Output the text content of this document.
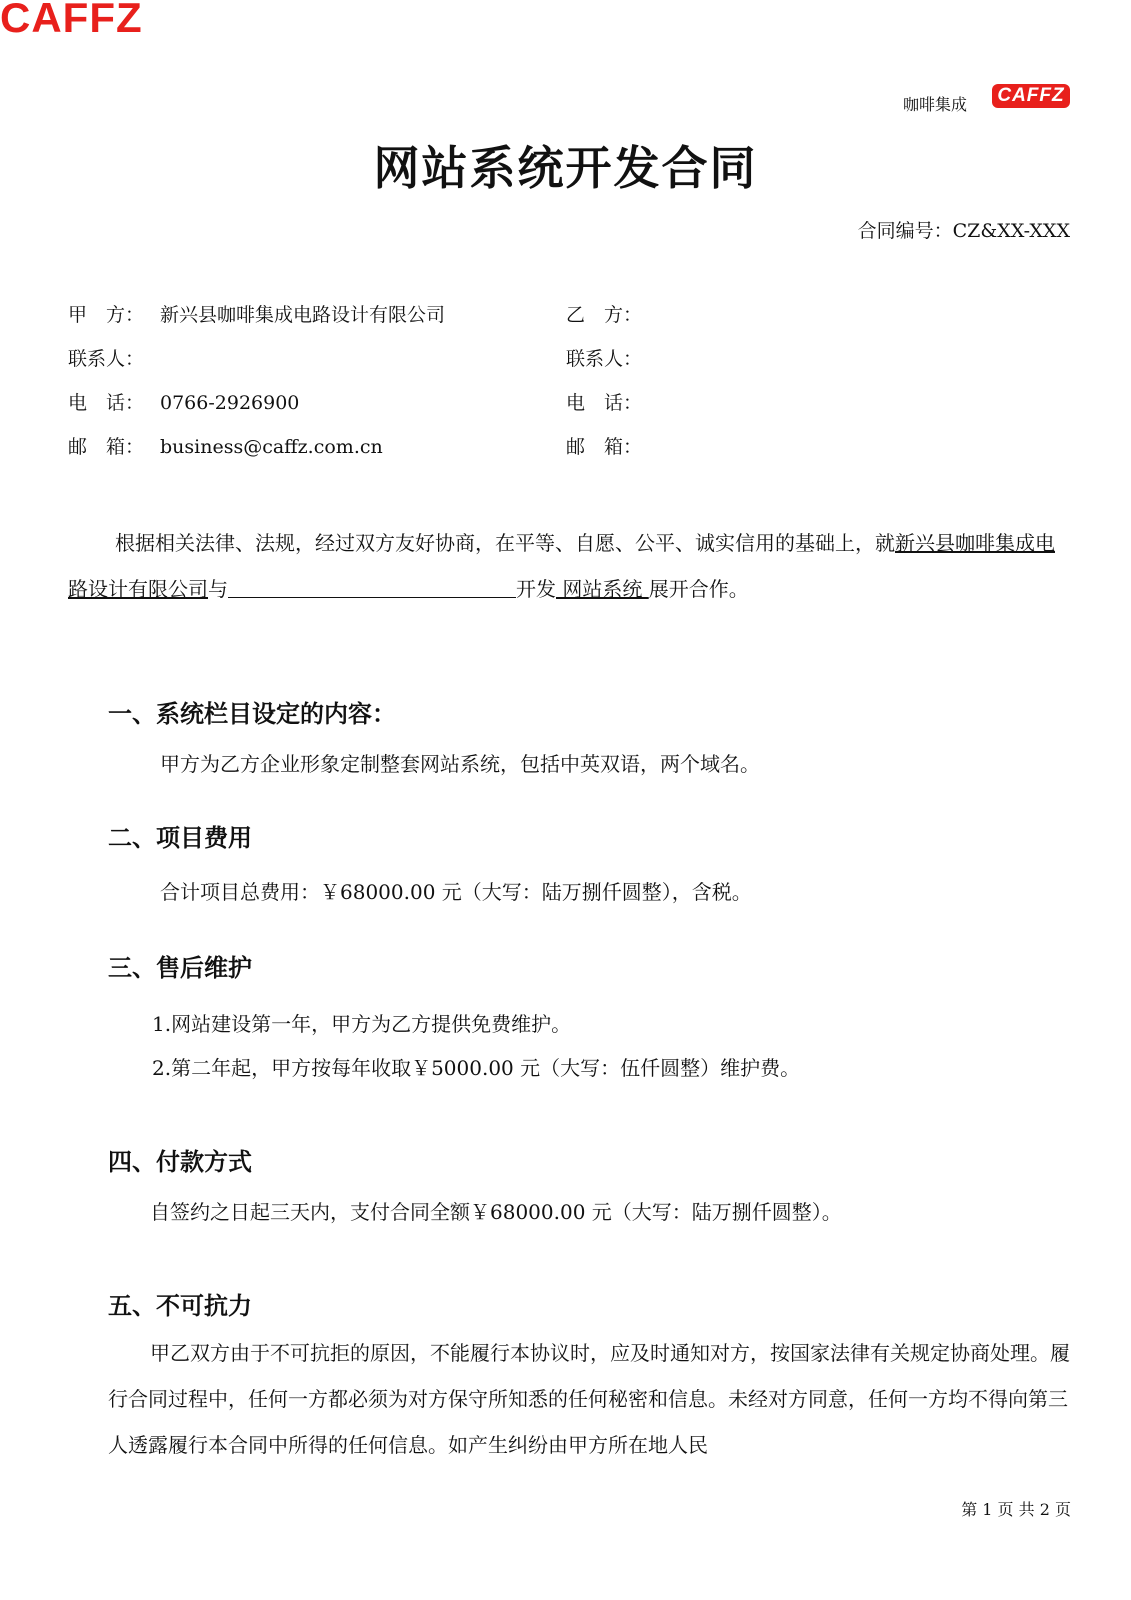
CAFFZ
咖啡集成 CAFFZ
网站系统开发合同
合同编号：CZ&XX-XXX
甲　方： 新兴县咖啡集成电路设计有限公司
联系人：
电　话： 0766-2926900
邮　箱： business@caffz.com.cn
乙　方：
联系人：
电　话：
邮　箱：
根据相关法律、法规，经过双方友好协商，在平等、自愿、公平、诚实信用的基础上，就新兴县咖啡集成电路设计有限公司与	开发 网站系统 展开合作。
一、系统栏目设定的内容：
甲方为乙方企业形象定制整套网站系统，包括中英双语，两个域名。
二、项目费用
合计项目总费用：￥68000.00 元（大写：陆万捌仟圆整），含税。
三、售后维护
1.网站建设第一年，甲方为乙方提供免费维护。
2.第二年起，甲方按每年收取￥5000.00 元（大写：伍仟圆整）维护费。
四、付款方式
自签约之日起三天内，支付合同全额￥68000.00 元（大写：陆万捌仟圆整）。
五、不可抗力
甲乙双方由于不可抗拒的原因，不能履行本协议时，应及时通知对方，按国家法律有关规定协商处理。履行合同过程中，任何一方都必须为对方保守所知悉的任何秘密和信息。未经对方同意，任何一方均不得向第三人透露履行本合同中所得的任何信息。如产生纠纷由甲方所在地人民
第 1 页 共 2 页
